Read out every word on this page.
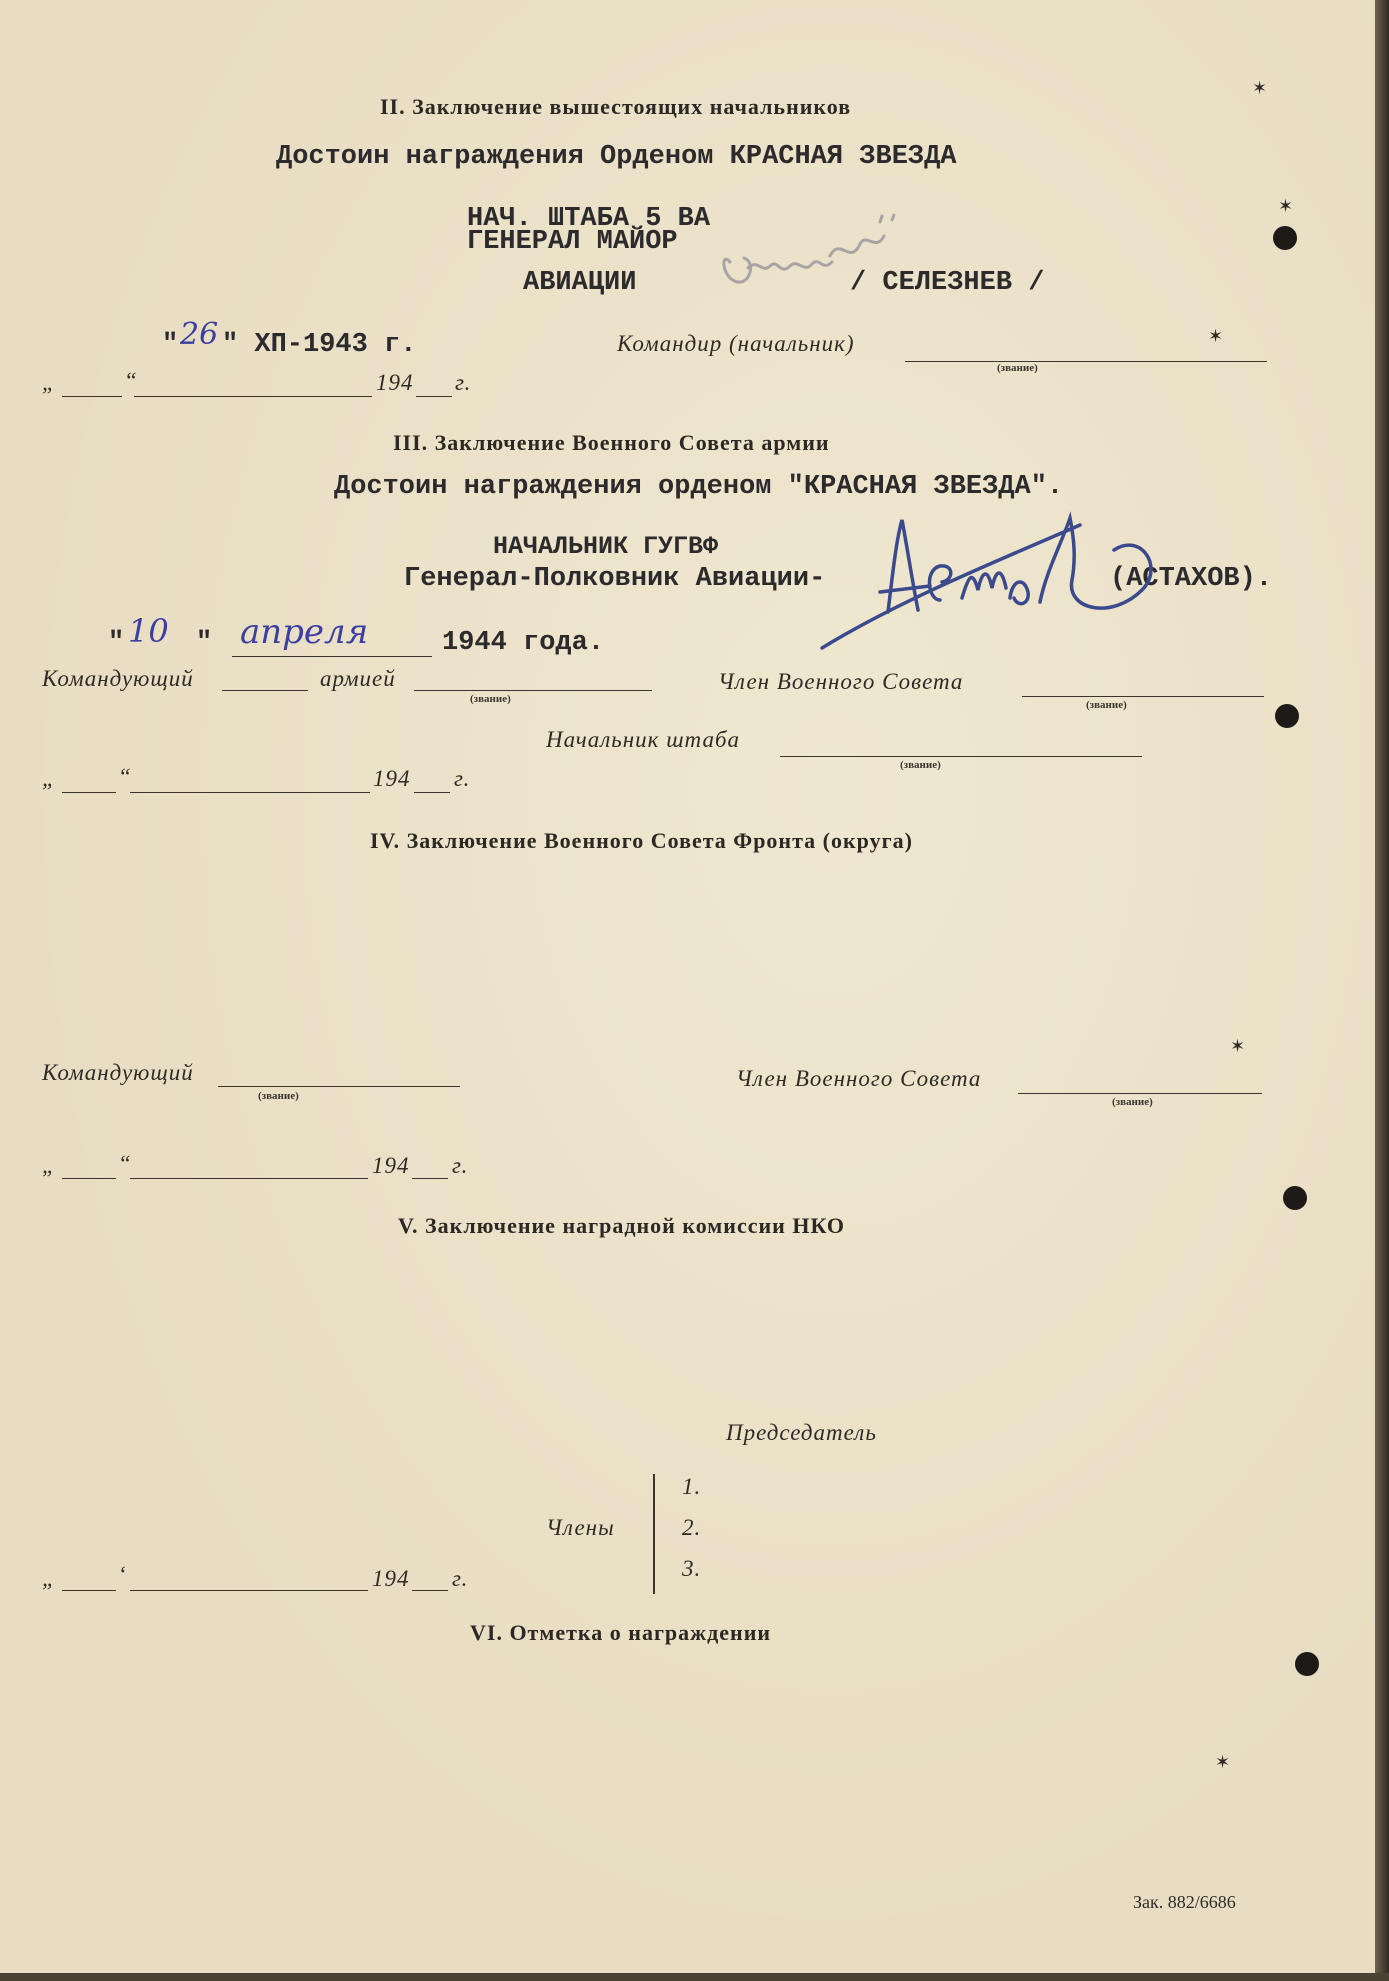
II. Заключение вышестоящих начальников
Достоин награждения Орденом КРАСНАЯ ЗВЕЗДА
НАЧ. ШТАБА 5 ВА
ГЕНЕРАЛ МАЙОР
АВИАЦИИ	/ СЕЛЕЗНЕВ /
" 26 " XП-1943 г.	Командир (начальник)
(звание)
„	“	194 г.
III. Заключение Военного Совета армии
Достоин награждения орденом "КРАСНАЯ ЗВЕЗДА".
НАЧАЛЬНИК ГУГВФ
Генерал-Полковник Авиации-	(АСТАХОВ).
" 10 " апреля	1944 года.
Командующий	армией
(звание)
Член Военного Совета
(звание)
Начальник штаба
(звание)
„	“	194 г.
IV. Заключение Военного Совета Фронта (округа)
Командующий
(звание)
Член Военного Совета
(звание)
„	“	194 г.
V. Заключение наградной комиссии НКО
Председатель
Члены
1.
2.
3.
„	‘	194 г.
VI. Отметка о награждении
Зак. 882/6686
✶
✶
✶
✶
✶
